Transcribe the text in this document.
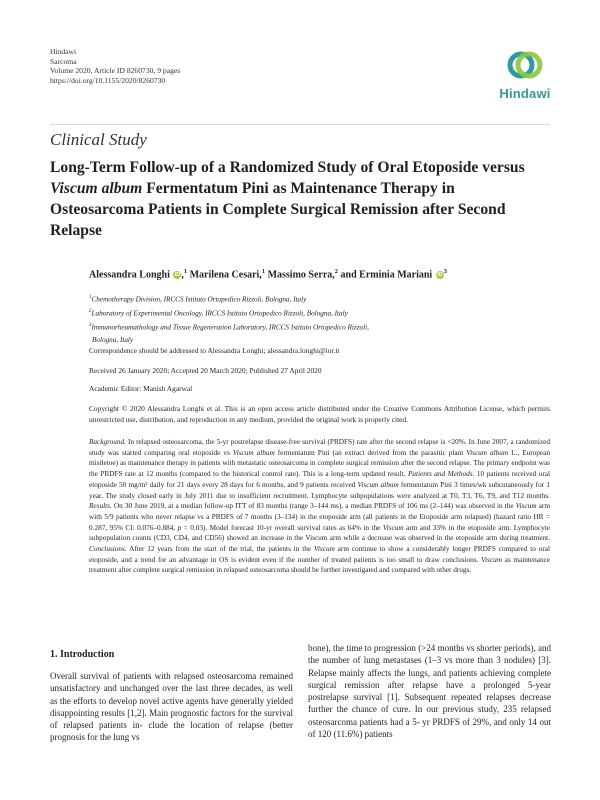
Hindawi
Sarcoma
Volume 2020, Article ID 8260730, 9 pages
https://doi.org/10.1155/2020/8260730
Hindawi
Clinical Study
Long-Term Follow-up of a Randomized Study of Oral Etoposide versus Viscum album Fermentatum Pini as Maintenance Therapy in Osteosarcoma Patients in Complete Surgical Remission after Second Relapse
Alessandra Longhi iD,$^1$ Marilena Cesari,$^1$ Massimo Serra,$^2$ and Erminia Mariani $iD^3$
$^1$Chemotherapy Division, IRCCS Istituto Ortopedico Rizzoli, Bologna, Italy
$^2$Laboratory of Experimental Oncology, IRCCS Istituto Ortopedico Rizzoli, Bologna, Italy
$^3$Immunorheumathology and Tissue Regeneration Laboratory, IRCCS Istituto Ortopedico Rizzoli,
Bologna, Italy
Correspondence should be addressed to Alessandra Longhi; alessandra.longhi@ior.it
Received 26 January 2020; Accepted 20 March 2020; Published 27 April 2020
Academic Editor: Manish Agarwal
Copyright © 2020 Alessandra Longhi et al. This is an open access article distributed under the Creative Commons Attribution License, which permits unrestricted use, distribution, and reproduction in any medium, provided the original work is properly cited.
Background. In relapsed osteosarcoma, the 5-yr postrelapse disease-free survival (PRDFS) rate after the second relapse is <20%. In June 2007, a randomized study was started comparing oral etoposide vs Viscum album fermentatum Pini (an extract derived from the parasitic plant Viscum album L., European mistletoe) as maintenance therapy in patients with metastatic osteosarcoma in complete surgical remission after the second relapse. The primary endpoint was the PRDFS rate at 12 months (compared to the historical control rate). This is a long-term updated result. Patients and Methods. 10 patients received oral etoposide 50 mg/m² daily for 21 days every 28 days for 6 months, and 9 patients received Viscum album fermentatum Pini 3 times/wk subcutaneously for 1 year. The study closed early in July 2011 due to insufficient recruitment. Lymphocyte subpopulations were analyzed at T0, T3, T6, T9, and T12 months. Results. On 30 June 2019, at a median follow-up ITT of 83 months (range 3–144 ms), a median PRDFS of 106 ms (2–144) was observed in the Viscum arm with 5/9 patients who never relapse vs a PRDFS of 7 months (3–134) in the etoposide arm (all patients in the Etoposide arm relapsed) (hazard ratio HR = 0.287, 95% CI: 0.076–0.884, p = 0.03). Model forecast 10-yr overall survival rates as 64% in the Viscum arm and 33% in the etoposide arm. Lymphocyte subpopulation counts (CD3, CD4, and CD56) showed an increase in the Viscum arm while a decrease was observed in the etoposide arm during treatment. Conclusions. After 12 years from the start of the trial, the patients in the Viscum arm continue to show a considerably longer PRDFS compared to oral etoposide, and a trend for an advantage in OS is evident even if the number of treated patients is too small to draw conclusions. Viscum as maintenance treatment after complete surgical remission in relapsed osteosarcoma should be further investigated and compared with other drugs.
1. Introduction
Overall survival of patients with relapsed osteosarcoma remained unsatisfactory and unchanged over the last three decades, as well as the efforts to develop novel active agents have generally yielded disappointing results [1,2]. Main prognostic factors for the survival of relapsed patients in- clude the location of relapse (better prognosis for the lung vs
bone), the time to progression (>24 months vs shorter periods), and the number of lung metastases (1–3 vs more than 3 nodules) [3]. Relapse mainly affects the lungs, and patients achieving complete surgical remission after relapse have a prolonged 5-year postrelapse survival [1]. Subsequent repeated relapses decrease further the chance of cure. In our previous study, 235 relapsed osteosarcoma patients had a 5- yr PRDFS of 29%, and only 14 out of 120 (11.6%) patients
